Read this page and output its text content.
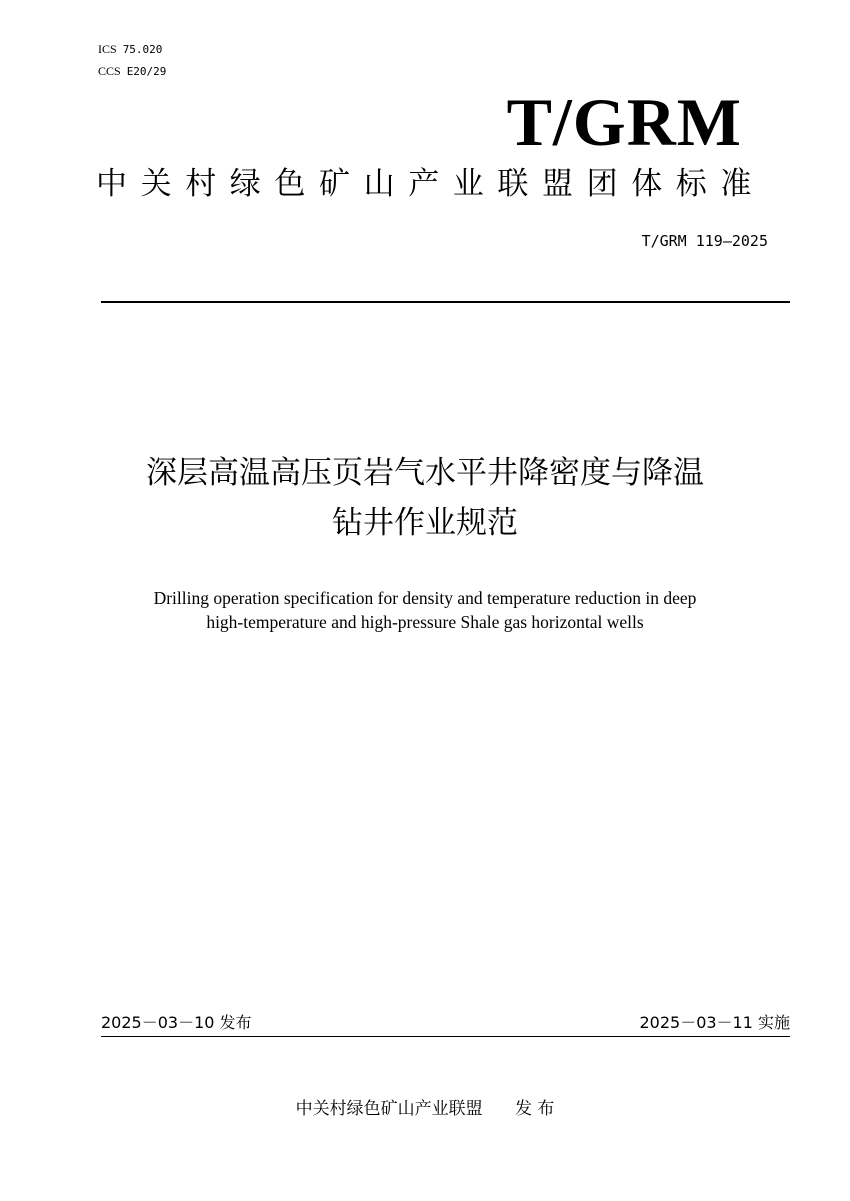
ICS 75.020
CCS E20/29
T/GRM
中关村绿色矿山产业联盟团体标准
T/GRM 119—2025
深层高温高压页岩气水平井降密度与降温
钻井作业规范
Drilling operation specification for density and temperature reduction in deep
high-temperature and high-pressure Shale gas horizontal wells
2025－03－10 发布	2025－03－11 实施
中关村绿色矿山产业联盟      发 布
